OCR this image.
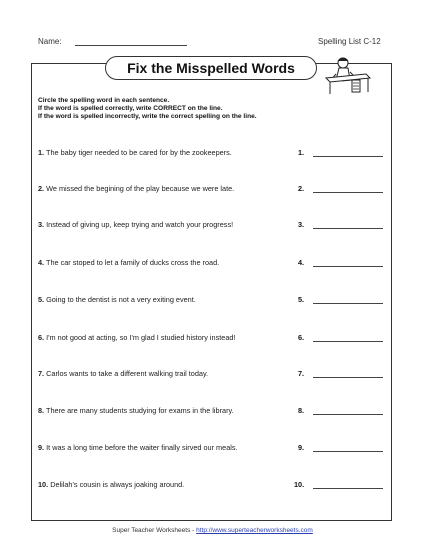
Name:	Spelling List C-12
Fix the Misspelled Words
Circle the spelling word in each sentence.
If the word is spelled correctly, write CORRECT on the line.
If the word is spelled incorrectly, write the correct spelling on the line.
1. The baby tiger needed to be cared for by the zookeepers.	1.
2. We missed the begining of the play because we were late.	2.
3. Instead of giving up, keep trying and watch your progress!	3.
4. The car stoped to let a family of ducks cross the road.	4.
5. Going to the dentist is not a very exiting event.	5.
6. I'm not good at acting, so I'm glad I studied history instead!	6.
7. Carlos wants to take a different walking trail today.	7.
8. There are many students studying for exams in the library.	8.
9. It was a long time before the waiter finally sirved our meals.	9.
10. Delilah's cousin is always joaking around.	10.
Super Teacher Worksheets - http://www.superteacherworksheets.com
